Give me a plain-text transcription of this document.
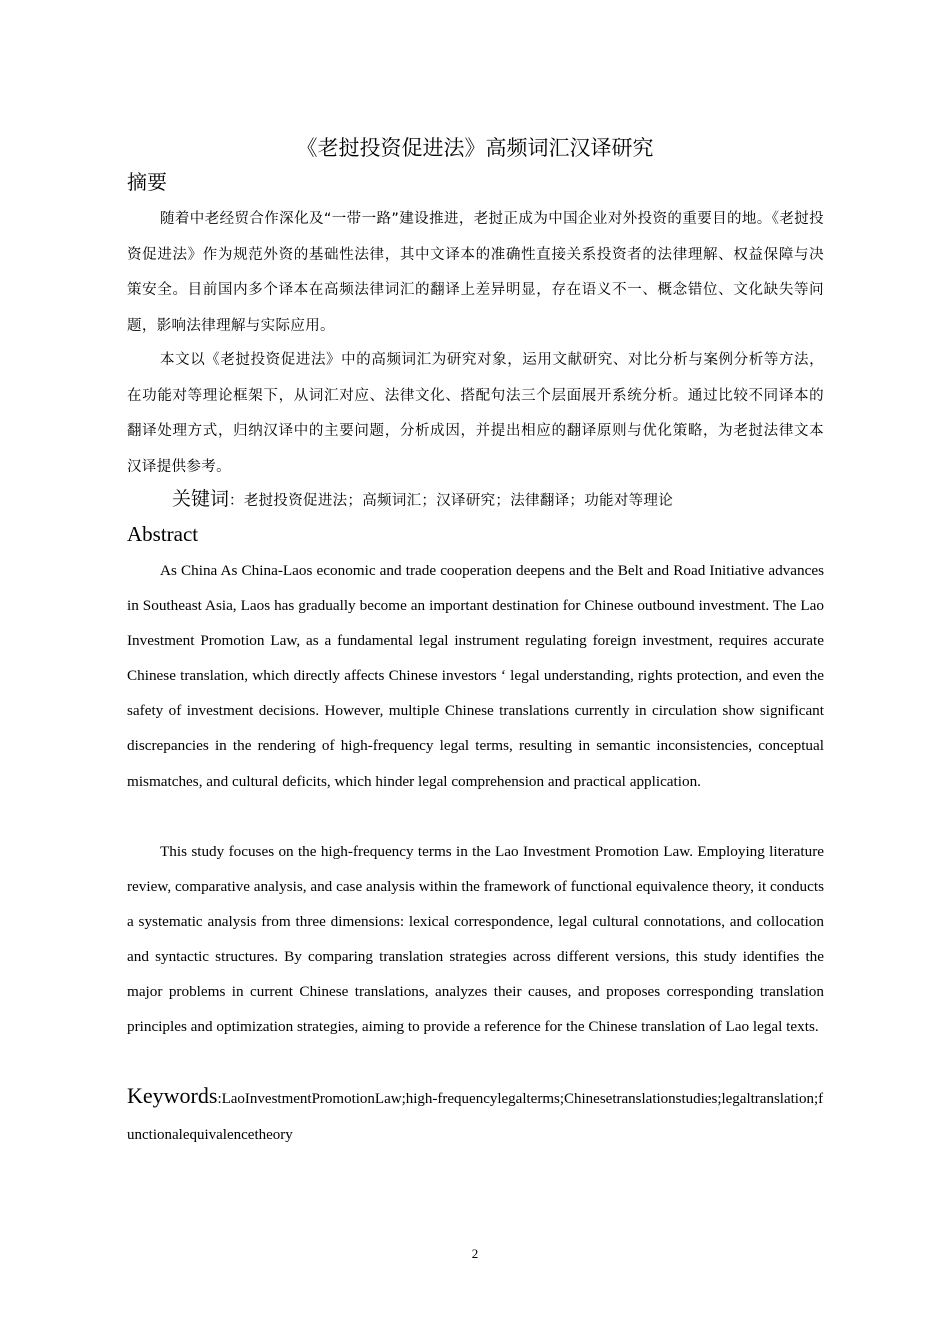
《老挝投资促进法》高频词汇汉译研究
摘要

随着中老经贸合作深化及“一带一路”建设推进，老挝正成为中国企业对外投资的重要目的地。《老挝投资促进法》作为规范外资的基础性法律，其中文译本的准确性直接关系投资者的法律理解、权益保障与决策安全。目前国内多个译本在高频法律词汇的翻译上差异明显，存在语义不一、概念错位、文化缺失等问题，影响法律理解与实际应用。

本文以《老挝投资促进法》中的高频词汇为研究对象，运用文献研究、对比分析与案例分析等方法，在功能对等理论框架下，从词汇对应、法律文化、搭配句法三个层面展开系统分析。通过比较不同译本的翻译处理方式，归纳汉译中的主要问题，分析成因，并提出相应的翻译原则与优化策略，为老挝法律文本汉译提供参考。

关键词：老挝投资促进法；高频词汇；汉译研究；法律翻译；功能对等理论
Abstract

As China As China-Laos economic and trade cooperation deepens and the Belt and Road Initiative advances in Southeast Asia, Laos has gradually become an important destination for Chinese outbound investment. The Lao Investment Promotion Law, as a fundamental legal instrument regulating foreign investment, requires accurate Chinese translation, which directly affects Chinese investors ‘ legal understanding, rights protection, and even the safety of investment decisions. However, multiple Chinese translations currently in circulation show significant discrepancies in the rendering of high-frequency legal terms, resulting in semantic inconsistencies, conceptual mismatches, and cultural deficits, which hinder legal comprehension and practical application.

This study focuses on the high-frequency terms in the Lao Investment Promotion Law. Employing literature review, comparative analysis, and case analysis within the framework of functional equivalence theory, it conducts a systematic analysis from three dimensions: lexical correspondence, legal cultural connotations, and collocation and syntactic structures. By comparing translation strategies across different versions, this study identifies the major problems in current Chinese translations, analyzes their causes, and proposes corresponding translation principles and optimization strategies, aiming to provide a reference for the Chinese translation of Lao legal texts.

Keywords:LaoInvestmentPromotionLaw;high-frequencylegalterms;Chinesetranslationstudies;legaltranslation;functionalequivalencetheory

2
